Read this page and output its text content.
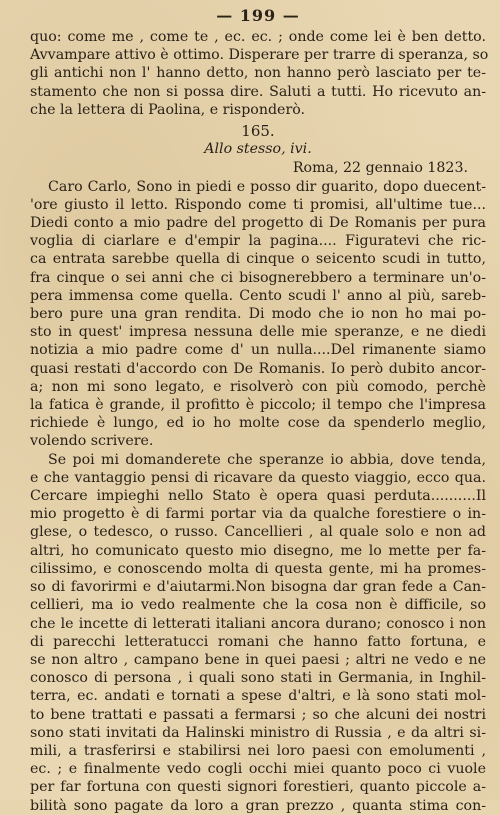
— 199 —
quo: come me , come te , ec. ec. ; onde come lei è ben detto.
Avvampare attivo è ottimo. Disperare per trarre di speranza, so
gli antichi non l' hanno detto, non hanno però lasciato per te-
stamento che non si possa dire. Saluti a tutti. Ho ricevuto an-
che la lettera di Paolina, e risponderò.
165.
Allo stesso, ivi.
Roma, 22 gennaio 1823.
Caro Carlo, Sono in piedi e posso dir guarito, dopo duecent-
'ore giusto il letto. Rispondo come ti promisi, all'ultime tue...
Diedi conto a mio padre del progetto di De Romanis per pura
voglia di ciarlare e d'empir la pagina.... Figuratevi che ric-
ca entrata sarebbe quella di cinque o seicento scudi in tutto,
fra cinque o sei anni che ci bisognerebbero a terminare un'o-
pera immensa come quella. Cento scudi l' anno al più, sareb-
bero pure una gran rendita. Di modo che io non ho mai po-
sto in quest' impresa nessuna delle mie speranze, e ne diedi
notizia a mio padre come d' un nulla....Del rimanente siamo
quasi restati d'accordo con De Romanis. Io però dubito ancor-
a; non mi sono legato, e risolverò con più comodo, perchè
la fatica è grande, il profitto è piccolo; il tempo che l'impresa
richiede è lungo, ed io ho molte cose da spenderlo meglio,
volendo scrivere.
Se poi mi domanderete che speranze io abbia, dove tenda,
e che vantaggio pensi di ricavare da questo viaggio, ecco qua.
Cercare impieghi nello Stato è opera quasi perduta..........Il
mio progetto è di farmi portar via da qualche forestiere o in-
glese, o tedesco, o russo. Cancellieri , al quale solo e non ad
altri, ho comunicato questo mio disegno, me lo mette per fa-
cilissimo, e conoscendo molta di questa gente, mi ha promes-
so di favorirmi e d'aiutarmi.Non bisogna dar gran fede a Can-
cellieri, ma io vedo realmente che la cosa non è difficile, so
che le incette di letterati italiani ancora durano; conosco i non
di parecchi letteratucci romani che hanno fatto fortuna, e
se non altro , campano bene in quei paesi ; altri ne vedo e ne
conosco di persona , i quali sono stati in Germania, in Inghil-
terra, ec. andati e tornati a spese d'altri, e là sono stati mol-
to bene trattati e passati a fermarsi ; so che alcuni dei nostri
sono stati invitati da Halinski ministro di Russia , e da altri si-
mili, a trasferirsi e stabilirsi nei loro paesi con emolumenti ,
ec. ; e finalmente vedo cogli occhi miei quanto poco ci vuole
per far fortuna con questi signori forestieri, quanto piccole a-
bilità sono pagate da loro a gran prezzo , quanta stima con-
